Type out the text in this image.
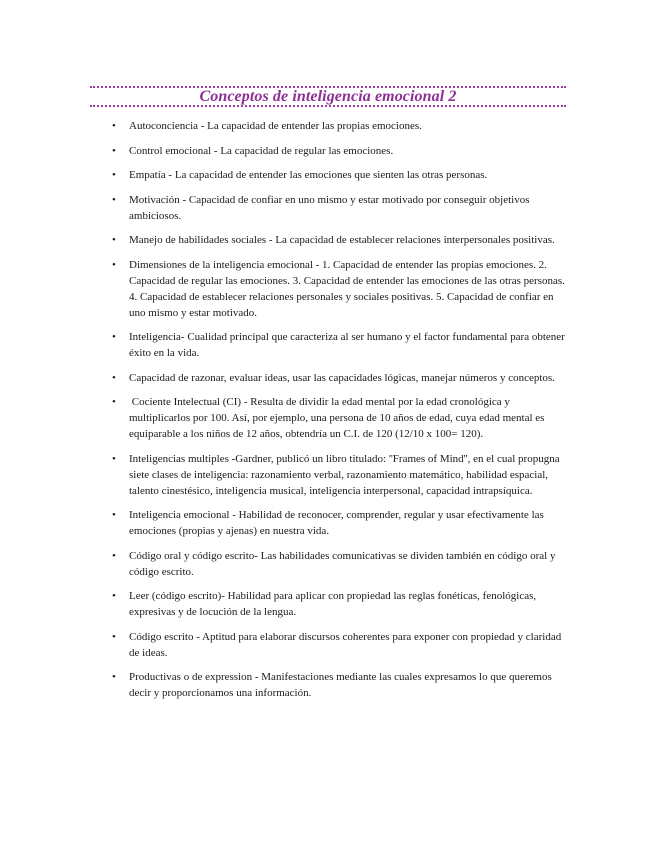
Conceptos de inteligencia emocional 2
• Autoconciencia - La capacidad de entender las propias emociones.
• Control emocional - La capacidad de regular las emociones.
• Empatía - La capacidad de entender las emociones que sienten las otras personas.
• Motivación - Capacidad de confiar en uno mismo y estar motivado por conseguir objetivos ambiciosos.
• Manejo de habilidades sociales - La capacidad de establecer relaciones interpersonales positivas.
• Dimensiones de la inteligencia emocional - 1. Capacidad de entender las propias emociones. 2. Capacidad de regular las emociones. 3. Capacidad de entender las emociones de las otras personas. 4. Capacidad de establecer relaciones personales y sociales positivas. 5. Capacidad de confiar en uno mismo y estar motivado.
• Inteligencia- Cualidad principal que caracteriza al ser humano y el factor fundamental para obtener éxito en la vida.
• Capacidad de razonar, evaluar ideas, usar las capacidades lógicas, manejar números y conceptos.
• Cociente Intelectual (CI) - Resulta de dividir la edad mental por la edad cronológica y multiplicarlos por 100. Así, por ejemplo, una persona de 10 años de edad, cuya edad mental es equiparable a los niños de 12 años, obtendría un C.I. de 120 (12/10 x 100= 120).
• Inteligencias multiples -Gardner, publicó un libro titulado: ''Frames of Mind'', en el cual propugna siete clases de inteligencia: razonamiento verbal, razonamiento matemático, habilidad espacial, talento cinestésico, inteligencia musical, inteligencia interpersonal, capacidad intrapsíquica.
• Inteligencia emocional - Habilidad de reconocer, comprender, regular y usar efectivamente las emociones (propias y ajenas) en nuestra vida.
• Código oral y código escrito- Las habilidades comunicativas se dividen también en código oral y código escrito.
• Leer (código escrito)- Habilidad para aplicar con propiedad las reglas fonéticas, fenológicas, expresivas y de locución de la lengua.
• Código escrito - Aptitud para elaborar discursos coherentes para exponer con propiedad y claridad de ideas.
• Productivas o de expression - Manifestaciones mediante las cuales expresamos lo que queremos decir y proporcionamos una información.
